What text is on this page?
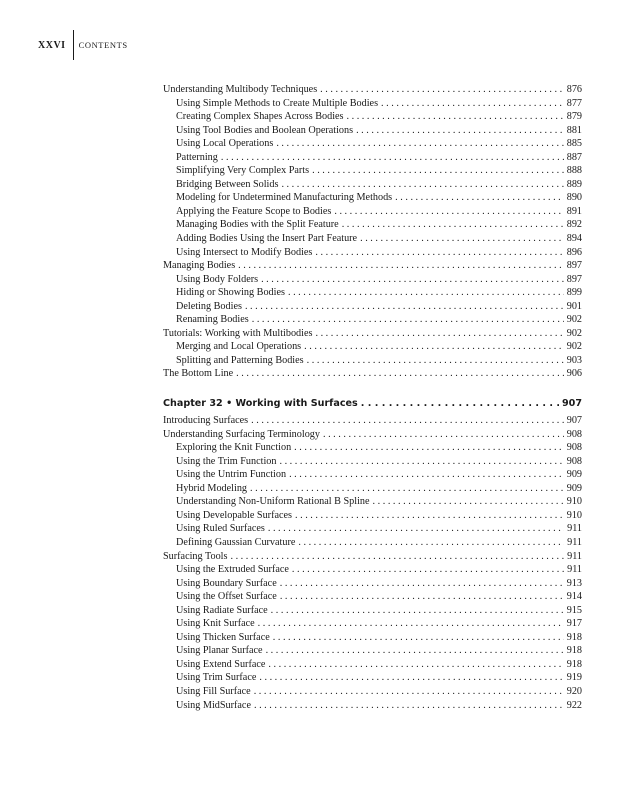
XXVI	CONTENTS
Understanding Multibody Techniques . . .	876
Using Simple Methods to Create Multiple Bodies . . .	877
Creating Complex Shapes Across Bodies . . .	879
Using Tool Bodies and Boolean Operations . . .	881
Using Local Operations . . .	885
Patterning . . .	887
Simplifying Very Complex Parts . . .	888
Bridging Between Solids . . .	889
Modeling for Undetermined Manufacturing Methods . . .	890
Applying the Feature Scope to Bodies . . .	891
Managing Bodies with the Split Feature . . .	892
Adding Bodies Using the Insert Part Feature . . .	894
Using Intersect to Modify Bodies . . .	896
Managing Bodies . . .	897
Using Body Folders . . .	897
Hiding or Showing Bodies . . .	899
Deleting Bodies . . .	901
Renaming Bodies . . .	902
Tutorials: Working with Multibodies . . .	902
Merging and Local Operations . . .	902
Splitting and Patterning Bodies . . .	903
The Bottom Line . . .	906
Chapter 32 • Working with Surfaces . . .	907
Introducing Surfaces . . .	907
Understanding Surfacing Terminology . . .	908
Exploring the Knit Function . . .	908
Using the Trim Function . . .	908
Using the Untrim Function . . .	909
Hybrid Modeling . . .	909
Understanding Non-Uniform Rational B Spline . . .	910
Using Developable Surfaces . . .	910
Using Ruled Surfaces . . .	911
Defining Gaussian Curvature . . .	911
Surfacing Tools . . .	911
Using the Extruded Surface . . .	911
Using Boundary Surface . . .	913
Using the Offset Surface . . .	914
Using Radiate Surface . . .	915
Using Knit Surface . . .	917
Using Thicken Surface . . .	918
Using Planar Surface . . .	918
Using Extend Surface . . .	918
Using Trim Surface . . .	919
Using Fill Surface . . .	920
Using MidSurface . . .	922
